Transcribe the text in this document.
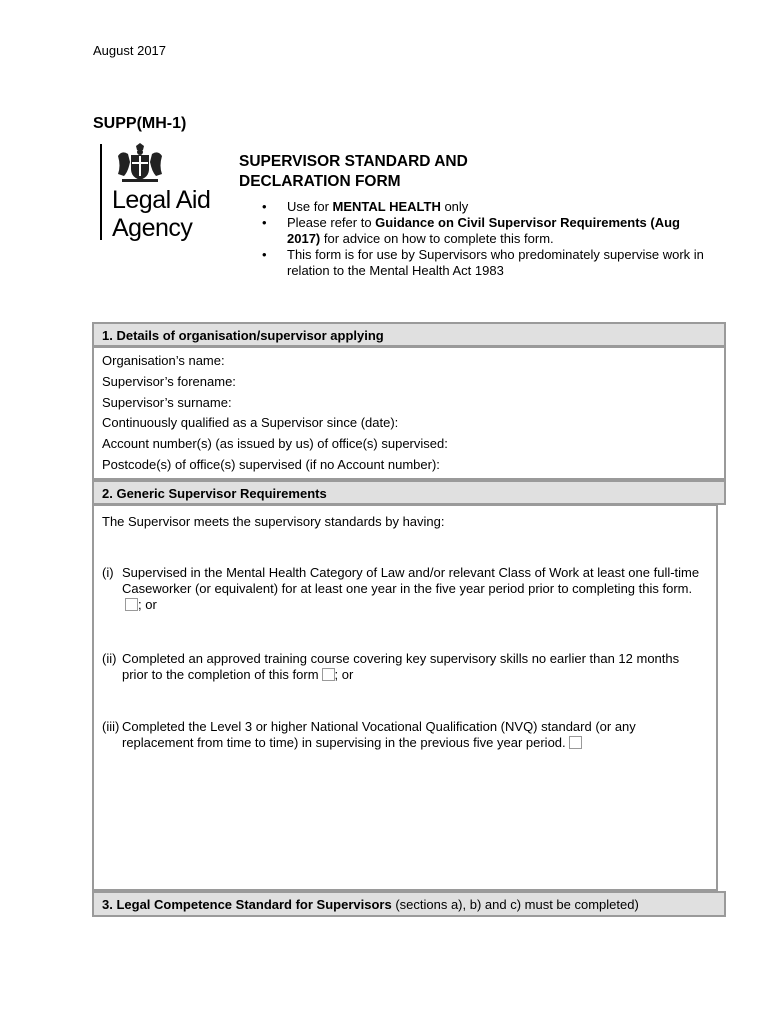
August 2017
SUPP(MH-1)
Legal Aid
Agency
SUPERVISOR STANDARD AND
DECLARATION FORM
• Use for MENTAL HEALTH only
• Please refer to Guidance on Civil Supervisor Requirements (Aug
2017) for advice on how to complete this form.
• This form is for use by Supervisors who predominately supervise work in relation to the Mental Health Act 1983
1. Details of organisation/supervisor applying
Organisation’s name:
Supervisor’s forename:
Supervisor’s surname:
Continuously qualified as a Supervisor since (date):
Account number(s) (as issued by us) of office(s) supervised:
Postcode(s) of office(s) supervised (if no Account number):
2. Generic Supervisor Requirements
The Supervisor meets the supervisory standards by having:
(i) Supervised in the Mental Health Category of Law and/or relevant Class of Work at least one full-time Caseworker (or equivalent) for at least one year in the five year period prior to completing this form.; or
(ii) Completed an approved training course covering key supervisory skills no earlier than 12 months prior to the completion of this form ; or
(iii) Completed the Level 3 or higher National Vocational Qualification (NVQ) standard (or any replacement from time to time) in supervising in the previous five year period.
3. Legal Competence Standard for Supervisors (sections a), b) and c) must be completed)
